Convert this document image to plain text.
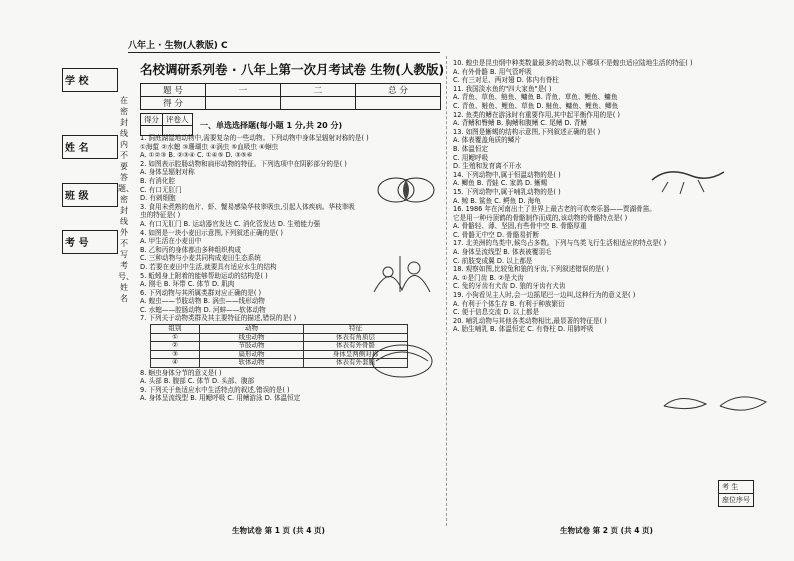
八年上 · 生物(人教版) C
学 校
姓 名
班 级
考 号
在密封线内不要答题、密封线外不写考号、姓名
名校调研系列卷 · 八年上第一次月考试卷 生物(人教版)
题 号	一	二	总 分
得 分			
得分	评卷人

一、单选选择题(每小题 1 分,共 20 分)

1. 洞庭湖湿地动物中,需要复杂的一些动物。下列动物中身体呈辐射对称的是( )

①海蜇 ②水螅 ③珊瑚虫 ④涡虫 ⑤血吸虫 ⑥蛔虫

A. ①②③ B. ②③④ C. ①④⑤ D. ③⑤⑥

2. 如图表示腔肠动物和扁形动物的特征。下列选项中在阴影部分的是( )

A. 身体呈辐射对称

B. 有消化腔

C. 有口无肛门

D. 有刺细胞

3. 食用未煮熟的鱼片、虾、蟹易感染华枝睾吸虫,引起人体疾病。华枝睾吸

虫的特征是( )

A. 有口无肛门 B. 运动器官发达 C. 消化管发达 D. 生殖能力强

4. 如图是一块小麦田示意图,下列叙述正确的是( )

A. 甲生活在小麦田中

B. 乙和丙的身体都由多种组织构成

C. 三种动物与小麦共同构成麦田生态系统

D. 若要在麦田中生活,就要具有适应水生的结构

5. 蚯蚓身上附着的能够帮助运动的结构是( )

A. 刚毛 B. 环带 C. 体节 D. 肌肉

6. 下列动物与其所属类群对应正确的是( )

A. 蝗虫——节肢动物 B. 涡虫——线形动物

C. 水螅——腔肠动物 D. 河蚌——软体动物

7. 下列关于动物类群及其主要特征的描述,错误的是( )

组别	动物	特征
①	线虫动物	体表有角质层
②	节肢动物	体表有外骨骼
③	扁形动物	身体呈两侧对称
④	软体动物	体表有外套膜

8. 蛔虫身体分节的意义是( )

A. 头部 B. 腹部 C. 体节 D. 头部、腹部

9. 下列关于鱼适应水中生活特点的叙述,错误的是( )

A. 身体呈流线型 B. 用鳃呼吸 C. 用鳍游泳 D. 体温恒定

10. 蝗虫是昆虫纲中种类数量最多的动物,以下哪项不是蝗虫适应陆地生活的特征( )

A. 有外骨骼 B. 用气管呼吸

C. 有三对足、两对翅 D. 体内有脊柱

11. 我国淡水鱼的"四大家鱼"是( )

A. 青鱼、草鱼、鲢鱼、鳙鱼 B. 青鱼、草鱼、鲤鱼、鳙鱼

C. 青鱼、鲢鱼、鲤鱼、草鱼 D. 鲢鱼、鳙鱼、鲤鱼、鲫鱼

12. 鱼类的鳍在游泳时有重要作用,其中起平衡作用的是( )

A. 背鳍和臀鳍 B. 胸鳍和腹鳍 C. 尾鳍 D. 背鳍

13. 如图是蜥蜴的结构示意图,下列叙述正确的是( )

A. 体表覆盖角质的鳞片

B. 体温恒定

C. 用鳃呼吸

D. 生殖和发育离不开水

14. 下列动物中,属于恒温动物的是( )

A. 鲫鱼 B. 青蛙 C. 家鸽 D. 蜥蜴

15. 下列动物中,属于哺乳动物的是( )

A. 鲸 B. 鲨鱼 C. 鳄鱼 D. 海龟

16. 1986 年在河南出土了世界上最古老的可吹奏乐器——贾湖骨笛。

它是用一种丹顶鹤的骨骼制作而成的,该动物的骨骼特点是( )

A. 骨骼轻、薄、坚固,有些骨中空 B. 骨骼厚重

C. 骨骼无中空 D. 骨骼易折断

17. 北美洲的鸟类中,候鸟占多数。下列与鸟类飞行生活相适应的特点是( )

A. 身体呈流线型 B. 体表被覆羽毛

C. 前肢变成翼 D. 以上都是

18. 观察如图,比较兔和狼的牙齿,下列叙述错误的是( )

A. ①是门齿 B. ②是犬齿

C. 兔的牙齿有犬齿 D. 狼的牙齿有犬齿

19. 小狗看见主人时,会一边摇尾巴一边叫,这种行为的意义是( )

A. 有利于个体生存 B. 有利于种族繁衍

C. 便于信息交流 D. 以上都是

20. 哺乳动物与其他各类动物相比,最显著的特征是( )

A. 胎生哺乳 B. 体温恒定 C. 有脊柱 D. 用肺呼吸

考 生
座位序号
生物试卷 第 1 页 (共 4 页)	生物试卷 第 2 页 (共 4 页)
